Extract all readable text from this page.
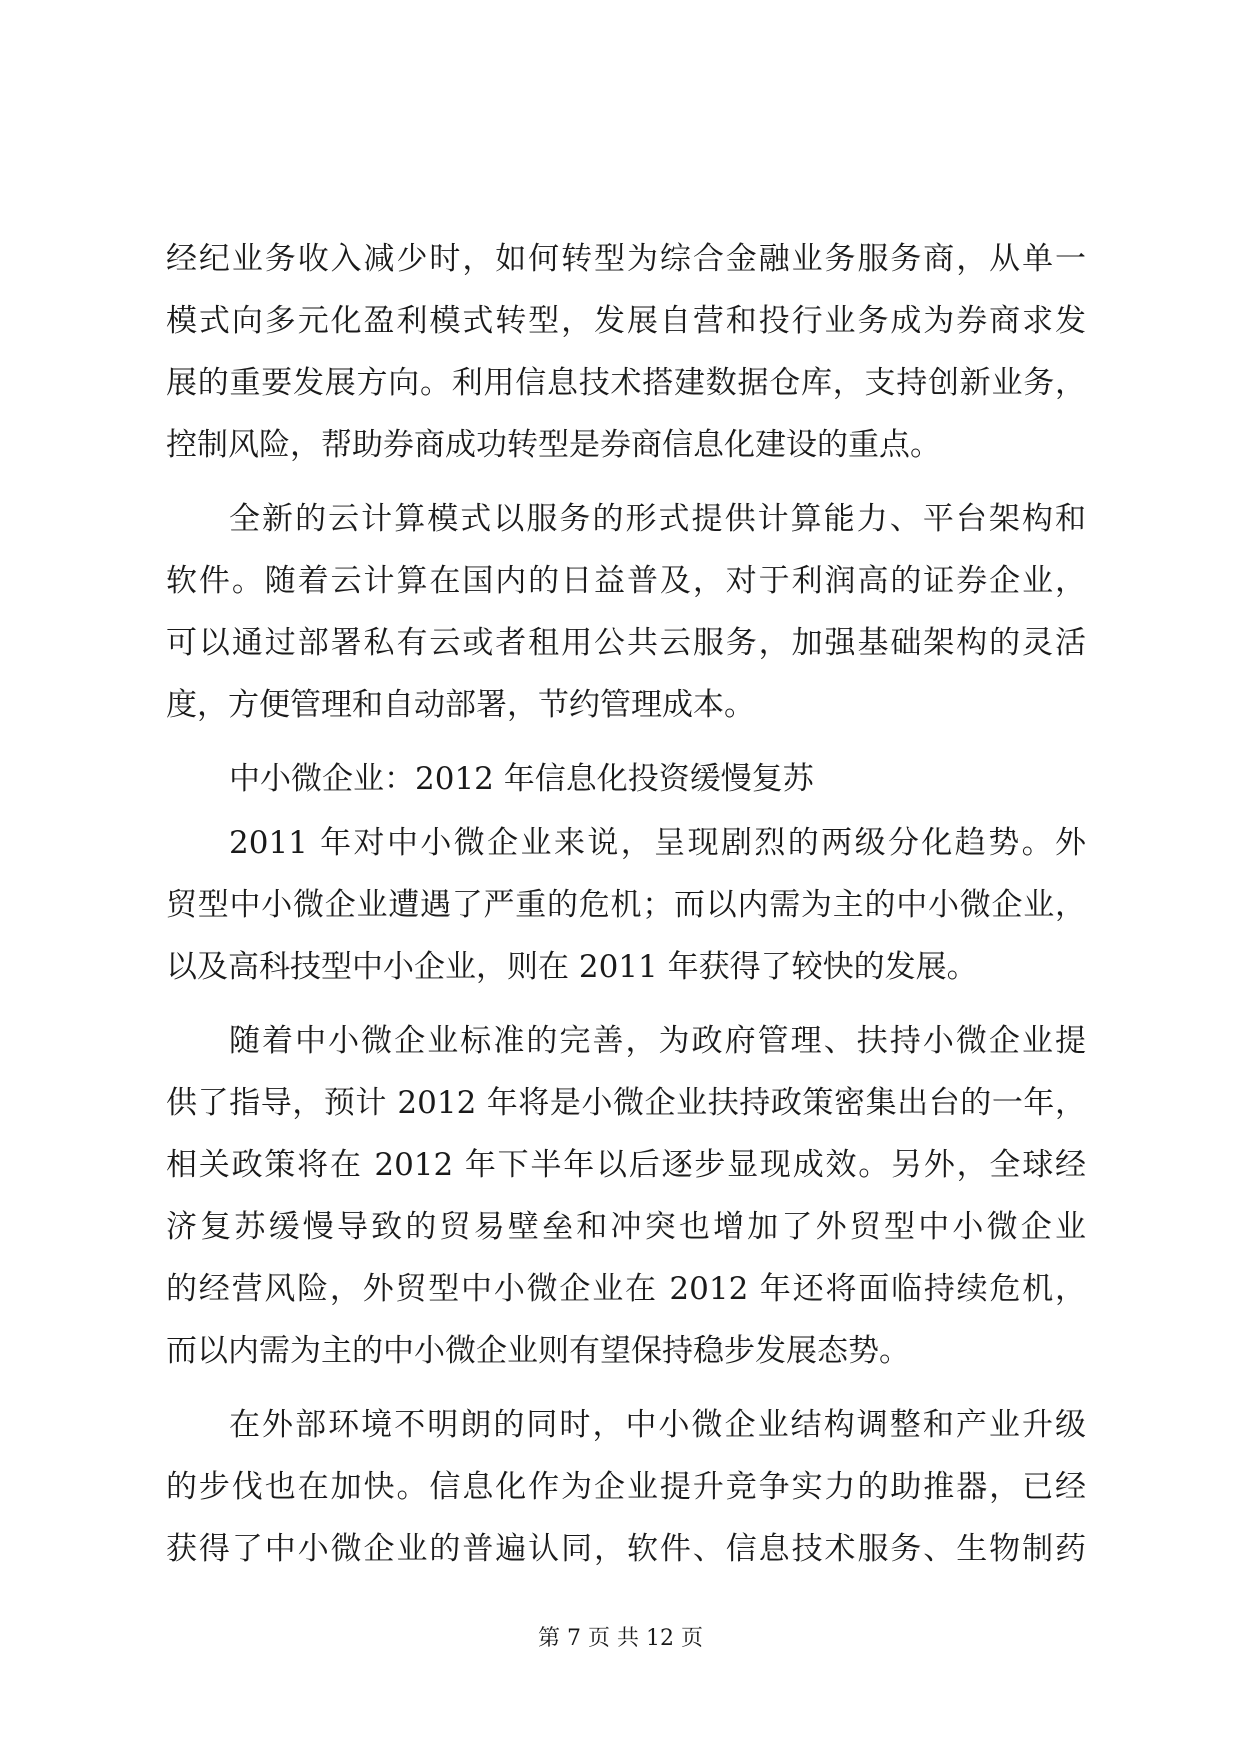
经纪业务收入减少时，如何转型为综合金融业务服务商，从单一
模式向多元化盈利模式转型，发展自营和投行业务成为券商求发
展的重要发展方向。利用信息技术搭建数据仓库，支持创新业务，
控制风险，帮助券商成功转型是券商信息化建设的重点。
全新的云计算模式以服务的形式提供计算能力、平台架构和
软件。随着云计算在国内的日益普及，对于利润高的证券企业，
可以通过部署私有云或者租用公共云服务，加强基础架构的灵活
度，方便管理和自动部署，节约管理成本。
中小微企业：2012 年信息化投资缓慢复苏
2011 年对中小微企业来说，呈现剧烈的两级分化趋势。外
贸型中小微企业遭遇了严重的危机；而以内需为主的中小微企业，
以及高科技型中小企业，则在 2011 年获得了较快的发展。
随着中小微企业标准的完善，为政府管理、扶持小微企业提
供了指导，预计 2012 年将是小微企业扶持政策密集出台的一年，
相关政策将在 2012 年下半年以后逐步显现成效。另外，全球经
济复苏缓慢导致的贸易壁垒和冲突也增加了外贸型中小微企业
的经营风险，外贸型中小微企业在 2012 年还将面临持续危机，
而以内需为主的中小微企业则有望保持稳步发展态势。
在外部环境不明朗的同时，中小微企业结构调整和产业升级
的步伐也在加快。信息化作为企业提升竞争实力的助推器，已经
获得了中小微企业的普遍认同，软件、信息技术服务、生物制药
第 7 页 共 12 页
